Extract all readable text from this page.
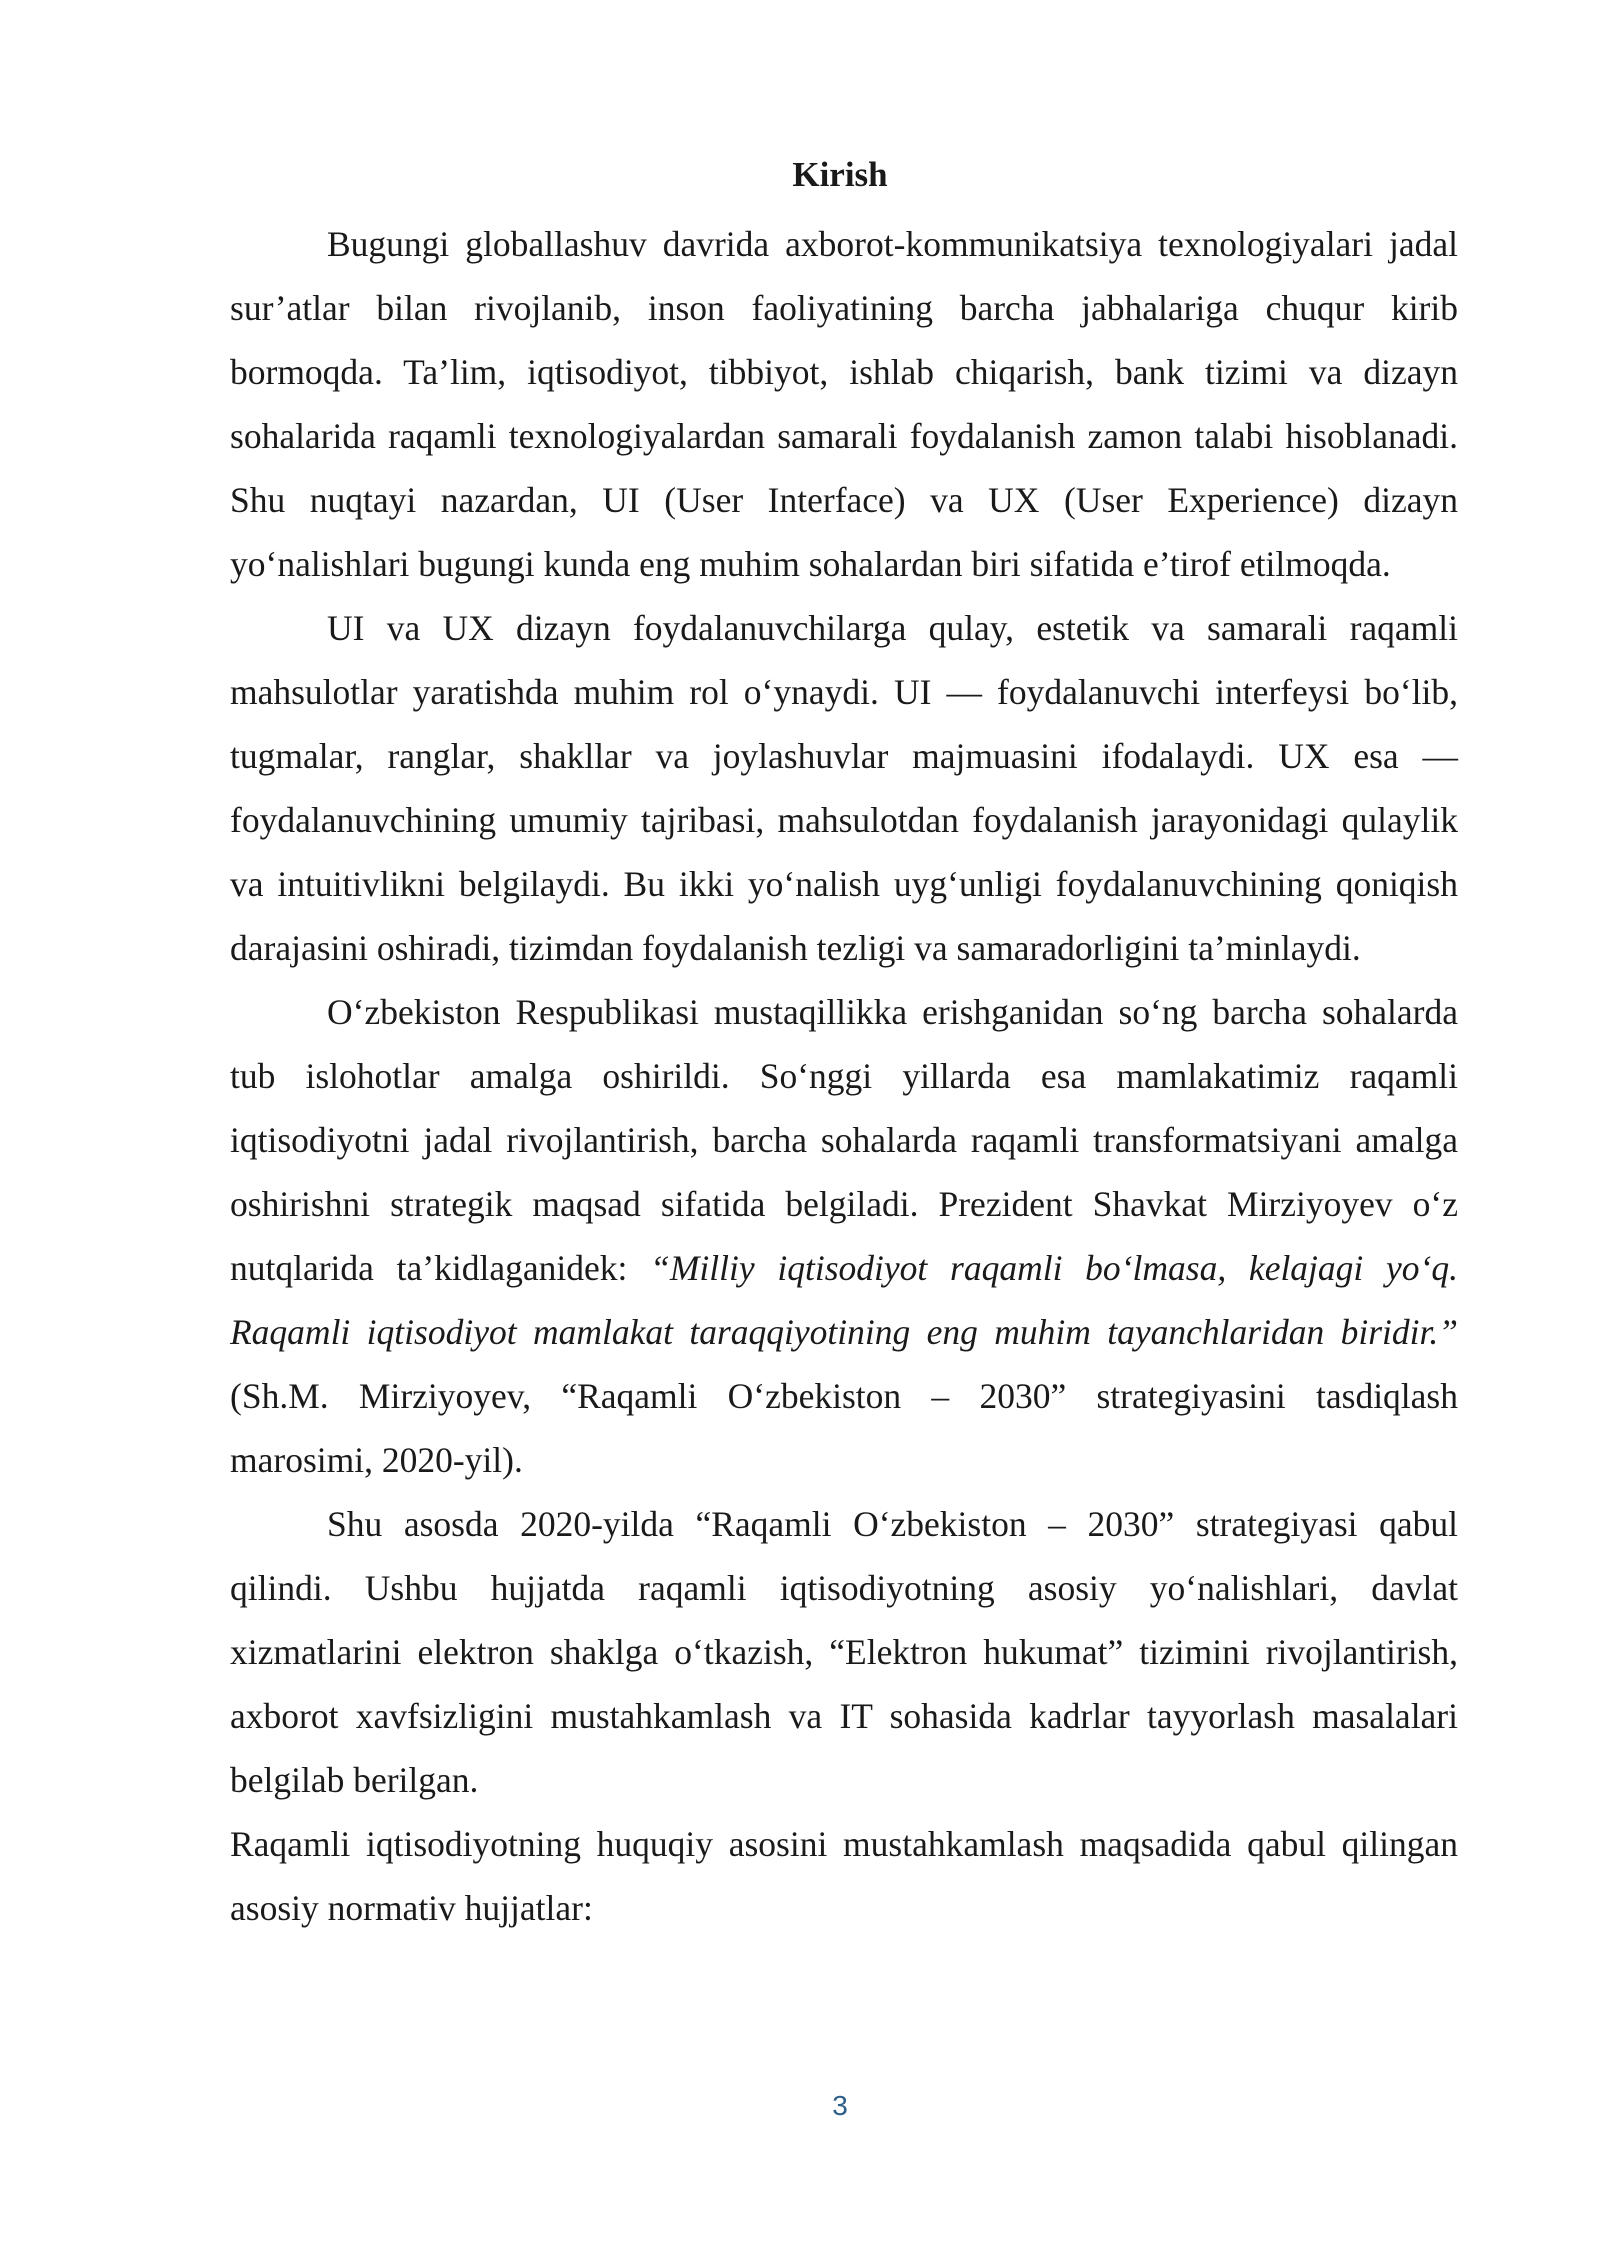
Kirish

Bugungi globallashuv davrida axborot-kommunikatsiya texnologiyalari jadal sur’atlar bilan rivojlanib, inson faoliyatining barcha jabhalariga chuqur kirib bormoqda. Ta’lim, iqtisodiyot, tibbiyot, ishlab chiqarish, bank tizimi va dizayn sohalarida raqamli texnologiyalardan samarali foydalanish zamon talabi hisoblanadi. Shu nuqtayi nazardan, UI (User Interface) va UX (User Experience) dizayn yo‘nalishlari bugungi kunda eng muhim sohalardan biri sifatida e’tirof etilmoqda.

UI va UX dizayn foydalanuvchilarga qulay, estetik va samarali raqamli mahsulotlar yaratishda muhim rol o‘ynaydi. UI — foydalanuvchi interfeysi bo‘lib, tugmalar, ranglar, shakllar va joylashuvlar majmuasini ifodalaydi. UX esa — foydalanuvchining umumiy tajribasi, mahsulotdan foydalanish jarayonidagi qulaylik va intuitivlikni belgilaydi. Bu ikki yo‘nalish uyg‘unligi foydalanuvchining qoniqish darajasini oshiradi, tizimdan foydalanish tezligi va samaradorligini ta’minlaydi.

O‘zbekiston Respublikasi mustaqillikka erishganidan so‘ng barcha sohalarda tub islohotlar amalga oshirildi. So‘nggi yillarda esa mamlakatimiz raqamli iqtisodiyotni jadal rivojlantirish, barcha sohalarda raqamli transformatsiyani amalga oshirishni strategik maqsad sifatida belgiladi. Prezident Shavkat Mirziyoyev o‘z nutqlarida ta’kidlaganidek: “Milliy iqtisodiyot raqamli bo‘lmasa, kelajagi yo‘q. Raqamli iqtisodiyot mamlakat taraqqiyotining eng muhim tayanchlaridan biridir.” (Sh.M. Mirziyoyev, “Raqamli O‘zbekiston – 2030” strategiyasini tasdiqlash marosimi, 2020-yil).

Shu asosda 2020-yilda “Raqamli O‘zbekiston – 2030” strategiyasi qabul qilindi. Ushbu hujjatda raqamli iqtisodiyotning asosiy yo‘nalishlari, davlat xizmatlarini elektron shaklga o‘tkazish, “Elektron hukumat” tizimini rivojlantirish, axborot xavfsizligini mustahkamlash va IT sohasida kadrlar tayyorlash masalalari belgilab berilgan.

Raqamli iqtisodiyotning huquqiy asosini mustahkamlash maqsadida qabul qilingan asosiy normativ hujjatlar:

3
